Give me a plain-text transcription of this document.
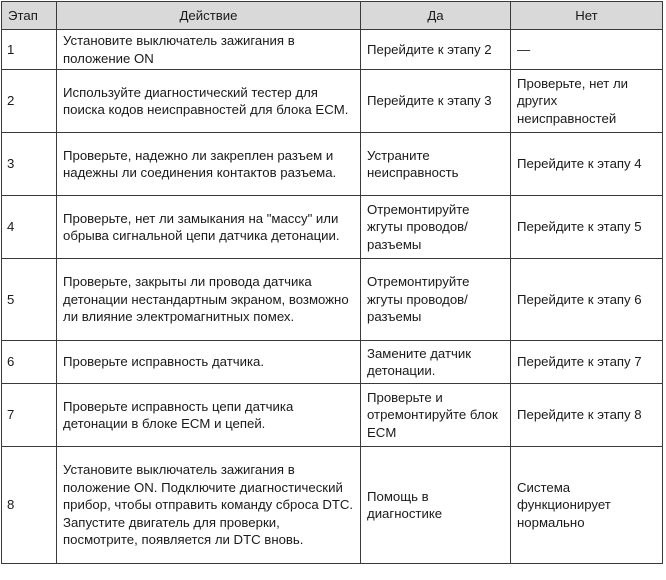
Этап	Действие	Да	Нет
1	Установите выключатель зажигания в положение ON	Перейдите к этапу 2	—
2	Используйте диагностический тестер для поиска кодов неисправностей для блока ECM.	Перейдите к этапу 3	Проверьте, нет ли других неисправностей
3	Проверьте, надежно ли закреплен разъем и надежны ли соединения контактов разъема.	Устраните неисправность	Перейдите к этапу 4
4	Проверьте, нет ли замыкания на "массу" или обрыва сигнальной цепи датчика детонации.	Отремонтируйте жгуты проводов/ разъемы	Перейдите к этапу 5
5	Проверьте, закрыты ли провода датчика детонации нестандартным экраном, возможно ли влияние электромагнитных помех.	Отремонтируйте жгуты проводов/ разъемы	Перейдите к этапу 6
6	Проверьте исправность датчика.	Замените датчик детонации.	Перейдите к этапу 7
7	Проверьте исправность цепи датчика детонации в блоке ECM и цепей.	Проверьте и отремонтируйте блок ECM	Перейдите к этапу 8
8	Установите выключатель зажигания в положение ON. Подключите диагностический прибор, чтобы отправить команду сброса DTC. Запустите двигатель для проверки, посмотрите, появляется ли DTC вновь.	Помощь в диагностике	Система функционирует нормально
